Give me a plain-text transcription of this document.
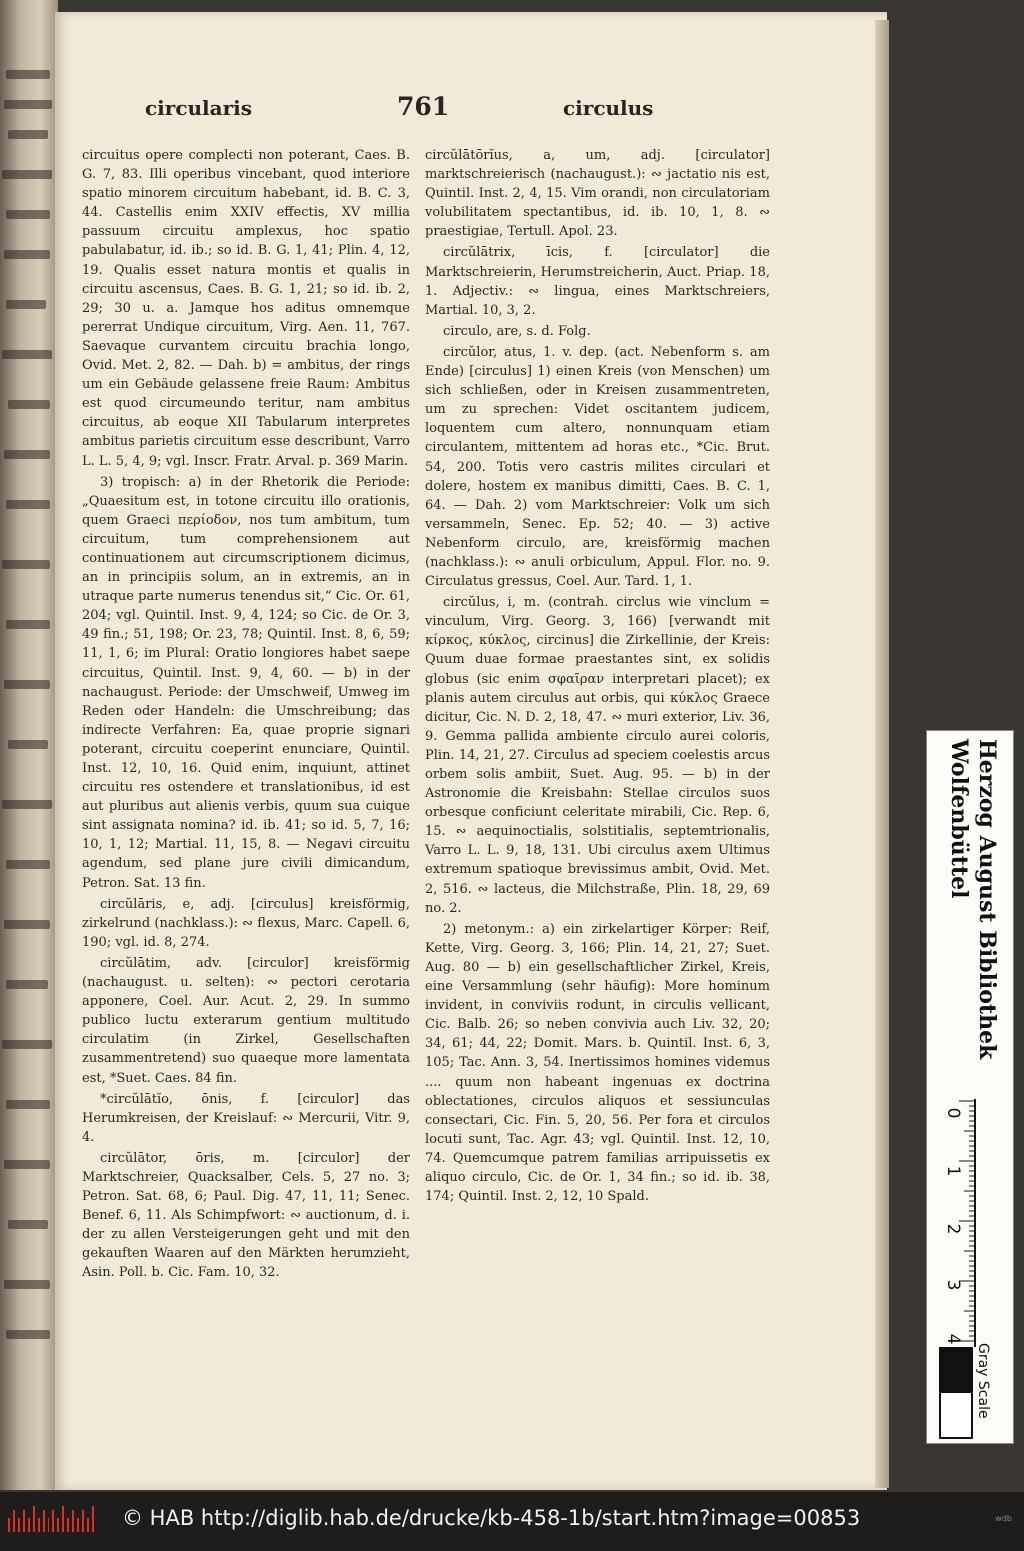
circularis	761	circulus

circuitus opere complecti non poterant, Caes. B. G. 7, 83. Illi operibus vincebant, quod interiore spatio minorem circuitum habebant, id. B. C. 3, 44. Castellis enim XXIV effectis, XV millia passuum circuitu amplexus, hoc spatio pabulabatur, id. ib.; so id. B. G. 1, 41; Plin. 4, 12, 19. Qualis esset natura montis et qualis in circuitu ascensus, Caes. B. G. 1, 21; so id. ib. 2, 29; 30 u. a. Jamque hos aditus omnemque pererrat Undique circuitum, Virg. Aen. 11, 767. Saevaque curvantem circuitu brachia longo, Ovid. Met. 2, 82. — Dah. b) = ambitus, der rings um ein Gebäude gelassene freie Raum: Ambitus est quod circumeundo teritur, nam ambitus circuitus, ab eoque XII Tabularum interpretes ambitus parietis circuitum esse describunt, Varro L. L. 5, 4, 9; vgl. Inscr. Fratr. Arval. p. 369 Marin.

3) tropisch: a) in der Rhetorik die Periode: „Quaesitum est, in totone circuitu illo orationis, quem Graeci περίοδον, nos tum ambitum, tum circuitum, tum comprehensionem aut continuationem aut circumscriptionem dicimus, an in principiis solum, an in extremis, an in utraque parte numerus tenendus sit,“ Cic. Or. 61, 204; vgl. Quintil. Inst. 9, 4, 124; so Cic. de Or. 3, 49 fin.; 51, 198; Or. 23, 78; Quintil. Inst. 8, 6, 59; 11, 1, 6; im Plural: Oratio longiores habet saepe circuitus, Quintil. Inst. 9, 4, 60. — b) in der nachaugust. Periode: der Umschweif, Umweg im Reden oder Handeln: die Umschreibung; das indirecte Verfahren: Ea, quae proprie signari poterant, circuitu coeperint enunciare, Quintil. Inst. 12, 10, 16. Quid enim, inquiunt, attinet circuitu res ostendere et translationibus, id est aut pluribus aut alienis verbis, quum sua cuique sint assignata nomina? id. ib. 41; so id. 5, 7, 16; 10, 1, 12; Martial. 11, 15, 8. — Negavi circuitu agendum, sed plane jure civili dimicandum, Petron. Sat. 13 fin.

circŭlāris, e, adj. [circulus] kreisförmig, zirkelrund (nachklass.): ∾ flexus, Marc. Capell. 6, 190; vgl. id. 8, 274.

circŭlātim, adv. [circulor] kreisförmig (nachaugust. u. selten): ∾ pectori cerotaria apponere, Coel. Aur. Acut. 2, 29. In summo publico luctu exterarum gentium multitudo circulatim (in Zirkel, Gesellschaften zusammentretend) suo quaeque more lamentata est, *Suet. Caes. 84 fin.

*circŭlātĭo, ōnis, f. [circulor] das Herumkreisen, der Kreislauf: ∾ Mercurii, Vitr. 9, 4.

circŭlātor, ōris, m. [circulor] der Marktschreier, Quacksalber, Cels. 5, 27 no. 3; Petron. Sat. 68, 6; Paul. Dig. 47, 11, 11; Senec. Benef. 6, 11. Als Schimpfwort: ∾ auctionum, d. i. der zu allen Versteigerungen geht und mit den gekauften Waaren auf den Märkten herumzieht, Asin. Poll. b. Cic. Fam. 10, 32.

circŭlātōrĭus, a, um, adj. [circulator] marktschreierisch (nachaugust.): ∾ jactatio nis est, Quintil. Inst. 2, 4, 15. Vim orandi, non circulatoriam volubilitatem spectantibus, id. ib. 10, 1, 8. ∾ praestigiae, Tertull. Apol. 23.

circŭlātrix, īcis, f. [circulator] die Marktschreierin, Herumstreicherin, Auct. Priap. 18, 1. Adjectiv.: ∾ lingua, eines Marktschreiers, Martial. 10, 3, 2.

circulo, are, s. d. Folg.

circŭlor, atus, 1. v. dep. (act. Nebenform s. am Ende) [circulus] 1) einen Kreis (von Menschen) um sich schließen, oder in Kreisen zusammentreten, um zu sprechen: Videt oscitantem judicem, loquentem cum altero, nonnunquam etiam circulantem, mittentem ad horas etc., *Cic. Brut. 54, 200. Totis vero castris milites circulari et dolere, hostem ex manibus dimitti, Caes. B. C. 1, 64. — Dah. 2) vom Marktschreier: Volk um sich versammeln, Senec. Ep. 52; 40. — 3) active Nebenform circulo, are, kreisförmig machen (nachklass.): ∾ anuli orbiculum, Appul. Flor. no. 9. Circulatus gressus, Coel. Aur. Tard. 1, 1.

circŭlus, i, m. (contrah. circlus wie vinclum = vinculum, Virg. Georg. 3, 166) [verwandt mit κίρκος, κύκλος, circinus] die Zirkellinie, der Kreis: Quum duae formae praestantes sint, ex solidis globus (sic enim σφαῖραν interpretari placet); ex planis autem circulus aut orbis, qui κύκλος Graece dicitur, Cic. N. D. 2, 18, 47. ∾ muri exterior, Liv. 36, 9. Gemma pallida ambiente circulo aurei coloris, Plin. 14, 21, 27. Circulus ad speciem coelestis arcus orbem solis ambiit, Suet. Aug. 95. — b) in der Astronomie die Kreisbahn: Stellae circulos suos orbesque conficiunt celeritate mirabili, Cic. Rep. 6, 15. ∾ aequinoctialis, solstitialis, septemtrionalis, Varro L. L. 9, 18, 131. Ubi circulus axem Ultimus extremum spatioque brevissimus ambit, Ovid. Met. 2, 516. ∾ lacteus, die Milchstraße, Plin. 18, 29, 69 no. 2.

2) metonym.: a) ein zirkelartiger Körper: Reif, Kette, Virg. Georg. 3, 166; Plin. 14, 21, 27; Suet. Aug. 80 — b) ein gesellschaftlicher Zirkel, Kreis, eine Versammlung (sehr häufig): More hominum invident, in conviviis rodunt, in circulis vellicant, Cic. Balb. 26; so neben convivia auch Liv. 32, 20; 34, 61; 44, 22; Domit. Mars. b. Quintil. Inst. 6, 3, 105; Tac. Ann. 3, 54. Inertissimos homines videmus .... quum non habeant ingenuas ex doctrina oblectationes, circulos aliquos et sessiunculas consectari, Cic. Fin. 5, 20, 56. Per fora et circulos locuti sunt, Tac. Agr. 43; vgl. Quintil. Inst. 12, 10, 74. Quemcumque patrem familias arripuissetis ex aliquo circulo, Cic. de Or. 1, 34 fin.; so id. ib. 38, 174; Quintil. Inst. 2, 12, 10 Spald.

Herzog August Bibliothek
Wolfenbüttel
0
1
2
3
4
Gray Scale
© HAB http://diglib.hab.de/drucke/kb-458-1b/start.htm?image=00853	wdb
